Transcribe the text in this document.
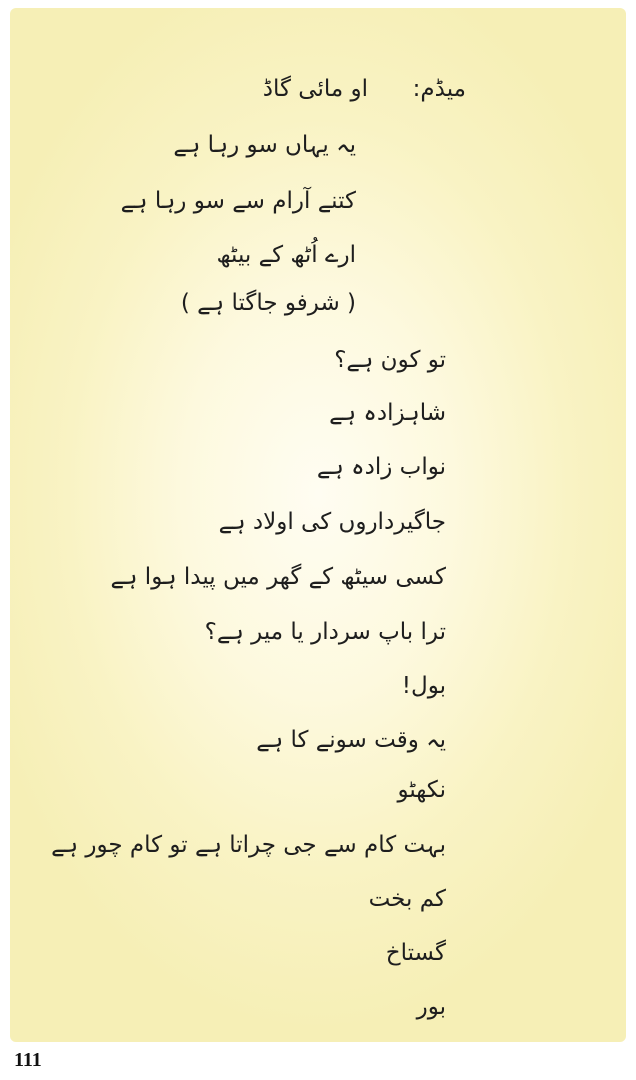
میڈم:
او مائی گاڈ
یہ یہاں سو رہا ہے
کتنے آرام سے سو رہا ہے
ارے اُٹھ کے بیٹھ
( شرفو جاگتا ہے )
تو کون ہے؟
شاہزادہ ہے
نواب زادہ ہے
جاگیرداروں کی اولاد ہے
کسی سیٹھ کے گھر میں پیدا ہوا ہے
ترا باپ سردار یا میر ہے؟
بول!
یہ وقت سونے کا ہے
نکھٹو
بہت کام سے جی چراتا ہے تو کام چور ہے
کم بخت
گستاخ
بور
111
